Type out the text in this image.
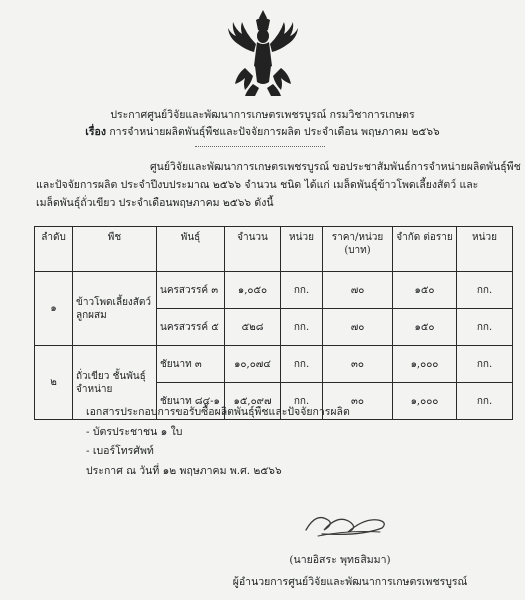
ประกาศศูนย์วิจัยและพัฒนาการเกษตรเพชรบูรณ์ กรมวิชาการเกษตร
เรื่อง การจำหน่ายผลิตพันธุ์พืชและปัจจัยการผลิต ประจำเดือน พฤษภาคม ๒๕๖๖
ศูนย์วิจัยและพัฒนาการเกษตรเพชรบูรณ์ ขอประชาสัมพันธ์การจำหน่ายผลิตพันธุ์พืช
และปัจจัยการผลิต ประจำปีงบประมาณ ๒๕๖๖ จำนวน ชนิด ได้แก่ เมล็ดพันธุ์ข้าวโพดเลี้ยงสัตว์ และ
เมล็ดพันธุ์ถั่วเขียว ประจำเดือนพฤษภาคม ๒๕๖๖ ดังนี้
ลำดับ	พืช	พันธุ์	จำนวน	หน่วย	ราคา/หน่วย (บาท)	จำกัด ต่อราย	หน่วย
๑	ข้าวโพดเลี้ยงสัตว์ ลูกผสม	นครสวรรค์ ๓	๑,๐๕๐	กก.	๗๐	๑๕๐	กก.
		นครสวรรค์ ๕	๕๒๘	กก.	๗๐	๑๕๐	กก.
๒	ถั่วเขียว ชั้นพันธุ์จำหน่าย	ชัยนาท ๓	๑๐,๐๗๔	กก.	๓๐	๑,๐๐๐	กก.
		ชัยนาท ๘๔-๑	๑๕,๐๙๗	กก.	๓๐	๑,๐๐๐	กก.
เอกสารประกอบการขอรับซื้อผลิตพันธุ์พืชและปัจจัยการผลิต
- บัตรประชาชน ๑ ใบ
- เบอร์โทรศัพท์
ประกาศ ณ วันที่ ๑๒ พฤษภาคม พ.ศ. ๒๕๖๖
(นายอิสระ พุทธสิมมา)
ผู้อำนวยการศูนย์วิจัยและพัฒนาการเกษตรเพชรบูรณ์
